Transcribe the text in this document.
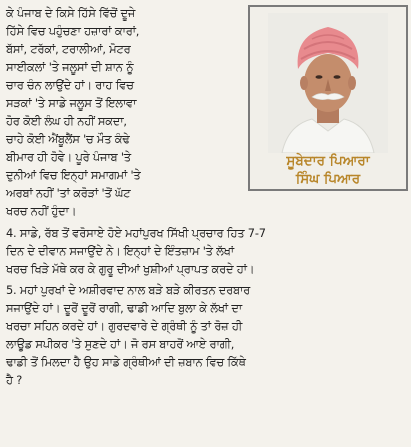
ਕੇ ਪੰਜਾਬ ਦੇ ਕਿਸੇ ਹਿੱਸੇ ਵਿੱਚੋਂ ਦੂਜੇ
ਹਿੱਸੇ ਵਿਚ ਪਹੁੰਚਣਾ ਹਜ਼ਾਰਾਂ ਕਾਰਾਂ,
ਬੱਸਾਂ, ਟਰੱਕਾਂ, ਟਰਾਲੀਆਂ, ਮੋਟਰ
ਸਾਈਕਲਾਂ 'ਤੇ ਜਲੂਸਾਂ ਦੀ ਸ਼ਾਨ ਨੂੰ
ਚਾਰ ਚੰਨ ਲਾਉਂਦੇ ਹਾਂ। ਰਾਹ ਵਿਚ
ਸੜਕਾਂ 'ਤੇ ਸਾਡੇ ਜਲੂਸ ਤੋਂ ਇਲਾਵਾ
ਹੋਰ ਕੋਈ ਲੰਘ ਹੀ ਨਹੀਂ ਸਕਦਾ,
ਚਾਹੇ ਕੋਈ ਐਂਬੂਲੈਂਸ 'ਚ ਮੌਤ ਕੰਢੇ
ਬੀਮਾਰ ਹੀ ਹੋਵੇ। ਪੂਰੇ ਪੰਜਾਬ 'ਤੇ
ਦੁਨੀਆਂ ਵਿਚ ਇਨ੍ਹਾਂ ਸਮਾਗਮਾਂ 'ਤੇ
ਅਰਬਾਂ ਨਹੀਂ 'ਤਾਂ ਕਰੋੜਾਂ 'ਤੋਂ ਘੱਟ
ਖਰਚ ਨਹੀਂ ਹੁੰਦਾ।
ਸੂਬੇਦਾਰ ਪਿਆਰਾ
ਸਿੰਘ ਪਿਆਰ
4. ਸਾਡੇ, ਰੱਬ ਤੋਂ ਵਰੋਸਾਏ ਹੋਏ ਮਹਾਂਪੁਰਖ ਸਿੱਖੀ ਪ੍ਰਚਾਰ ਹਿਤ 7-7
ਦਿਨ ਦੇ ਦੀਵਾਨ ਸਜਾਉਂਦੇ ਨੇ। ਇਨ੍ਹਾਂ ਦੇ ਇੰਤਜ਼ਾਮ 'ਤੇ ਲੱਖਾਂ
ਖਰਚ ਖਿੜੇ ਮੱਥੇ ਕਰ ਕੇ ਗੁਰੂ ਦੀਆਂ ਖੁਸ਼ੀਆਂ ਪ੍ਰਾਪਤ ਕਰਦੇ ਹਾਂ।
5. ਮਹਾਂ ਪੁਰਖਾਂ ਦੇ ਅਸ਼ੀਰਵਾਦ ਨਾਲ ਬੜੇ ਬੜੇ ਕੀਰਤਨ ਦਰਬਾਰ
ਸਜਾਉਂਦੇ ਹਾਂ। ਦੂਰੋਂ ਦੂਰੋਂ ਰਾਗੀ, ਢਾਡੀ ਆਦਿ ਬੁਲਾ ਕੇ ਲੱਖਾਂ ਦਾ
ਖਰਚਾ ਸਹਿਨ ਕਰਦੇ ਹਾਂ। ਗੁਰਦਵਾਰੇ ਦੇ ਗ੍ਰੰਥੀ ਨੂੰ ਤਾਂ ਰੋਜ਼ ਹੀ
ਲਾਊਡ ਸਪੀਕਰ 'ਤੇ ਸੁਣਦੇ ਹਾਂ। ਜੋ ਰਸ ਬਾਹਰੋਂ ਆਏ ਰਾਗੀ,
ਢਾਡੀ ਤੋਂ ਮਿਲਦਾ ਹੈ ਉਹ ਸਾਡੇ ਗ੍ਰੰਥੀਆਂ ਦੀ ਜ਼ਬਾਨ ਵਿਚ ਕਿੱਥੇ
ਹੈ ?
